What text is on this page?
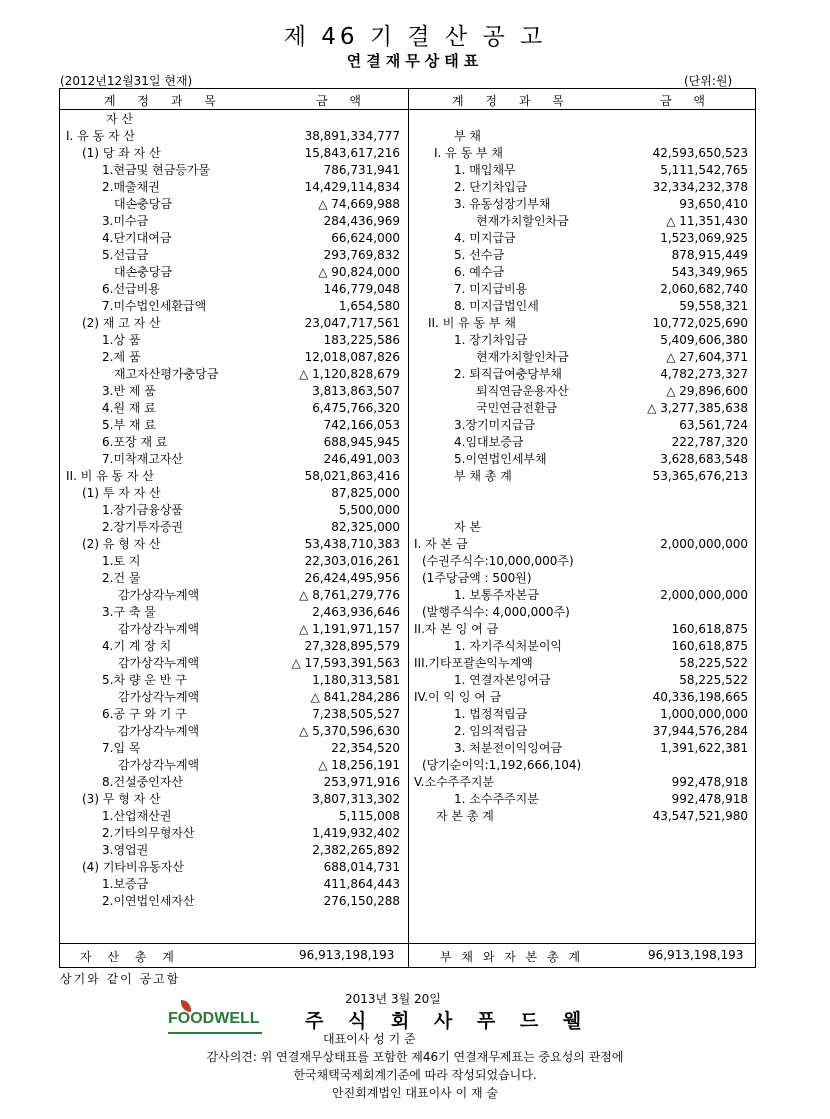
제 46 기 결 산 공 고
연결재무상태표
(2012년12월31일 현재)	(단위:원)
계 정 과 목	금 액	계 정 과 목	금 액
자 산
I. 유 동 자 산	38,891,334,777
(1) 당 좌 자 산	15,843,617,216
1.현금및 현금등가물	786,731,941
2.매출채권	14,429,114,834
대손충당금	△ 74,669,988
3.미수금	284,436,969
4.단기대여금	66,624,000
5.선급금	293,769,832
대손충당금	△ 90,824,000
6.선급비용	146,779,048
7.미수법인세환급액	1,654,580
(2) 재 고 자 산	23,047,717,561
1.상 품	183,225,586
2.제 품	12,018,087,826
재고자산평가충당금	△ 1,120,828,679
3.반 제 품	3,813,863,507
4.원 재 료	6,475,766,320
5.부 재 료	742,166,053
6.포장 재 료	688,945,945
7.미착재고자산	246,491,003
II. 비 유 동 자 산	58,021,863,416
(1) 투 자 자 산	87,825,000
1.장기금융상품	5,500,000
2.장기투자증권	82,325,000
(2) 유 형 자 산	53,438,710,383
1.토 지	22,303,016,261
2.건 물	26,424,495,956
감가상각누계액	△ 8,761,279,776
3.구 축 물	2,463,936,646
감가상각누계액	△ 1,191,971,157
4.기 계 장 치	27,328,895,579
감가상각누계액	△ 17,593,391,563
5.차 량 운 반 구	1,180,313,581
감가상각누계액	△ 841,284,286
6.공 구 와 기 구	7,238,505,527
감가상각누계액	△ 5,370,596,630
7.입 목	22,354,520
감가상각누계액	△ 18,256,191
8.건설중인자산	253,971,916
(3) 무 형 자 산	3,807,313,302
1.산업재산권	5,115,008
2.기타의무형자산	1,419,932,402
3.영업권	2,382,265,892
(4) 기타비유동자산	688,014,731
1.보증금	411,864,443
2.이연법인세자산	276,150,288
부 채
I. 유 동 부 채	42,593,650,523
1. 매입채무	5,111,542,765
2. 단기차입금	32,334,232,378
3. 유동성장기부채	93,650,410
현재가치할인차금	△ 11,351,430
4. 미지급금	1,523,069,925
5. 선수금	878,915,449
6. 예수금	543,349,965
7. 미지급비용	2,060,682,740
8. 미지급법인세	59,558,321
II. 비 유 동 부 채	10,772,025,690
1. 장기차입금	5,409,606,380
현재가치할인차금	△ 27,604,371
2. 퇴직급여충당부채	4,782,273,327
퇴직연금운용자산	△ 29,896,600
국민연금전환금	△ 3,277,385,638
3.장기미지급금	63,561,724
4.임대보증금	222,787,320
5.이연법인세부채	3,628,683,548
부 채 총 계	53,365,676,213
자 본
I. 자 본 금	2,000,000,000
(수권주식수:10,000,000주)
(1주당금액 : 500원)
1. 보통주자본금	2,000,000,000
(발행주식수: 4,000,000주)
II.자 본 잉 여 금	160,618,875
1. 자기주식처분이익	160,618,875
III.기타포괄손익누계액	58,225,522
1. 연결자본잉여금	58,225,522
IV.이 익 잉 여 금	40,336,198,665
1. 법정적립금	1,000,000,000
2. 임의적립금	37,944,576,284
3. 처분전이익잉여금	1,391,622,381
(당기순이익:1,192,666,104)
V.소수주주지분	992,478,918
1. 소수주주지분	992,478,918
자 본 총 계	43,547,521,980
자 산 총 계	96,913,198,193	부 채 와 자 본 총 계	96,913,198,193
상기와 같이 공고함
2013년 3월 20일
FOODWELL 주 식 회 사 푸 드 웰
대표이사 성 기 준
감사의견: 위 연결재무상태표를 포함한 제46기 연결재무제표는 중요성의 관점에
한국채택국제회계기준에 따라 작성되었습니다.
안진회계법인 대표이사 이 재 술
